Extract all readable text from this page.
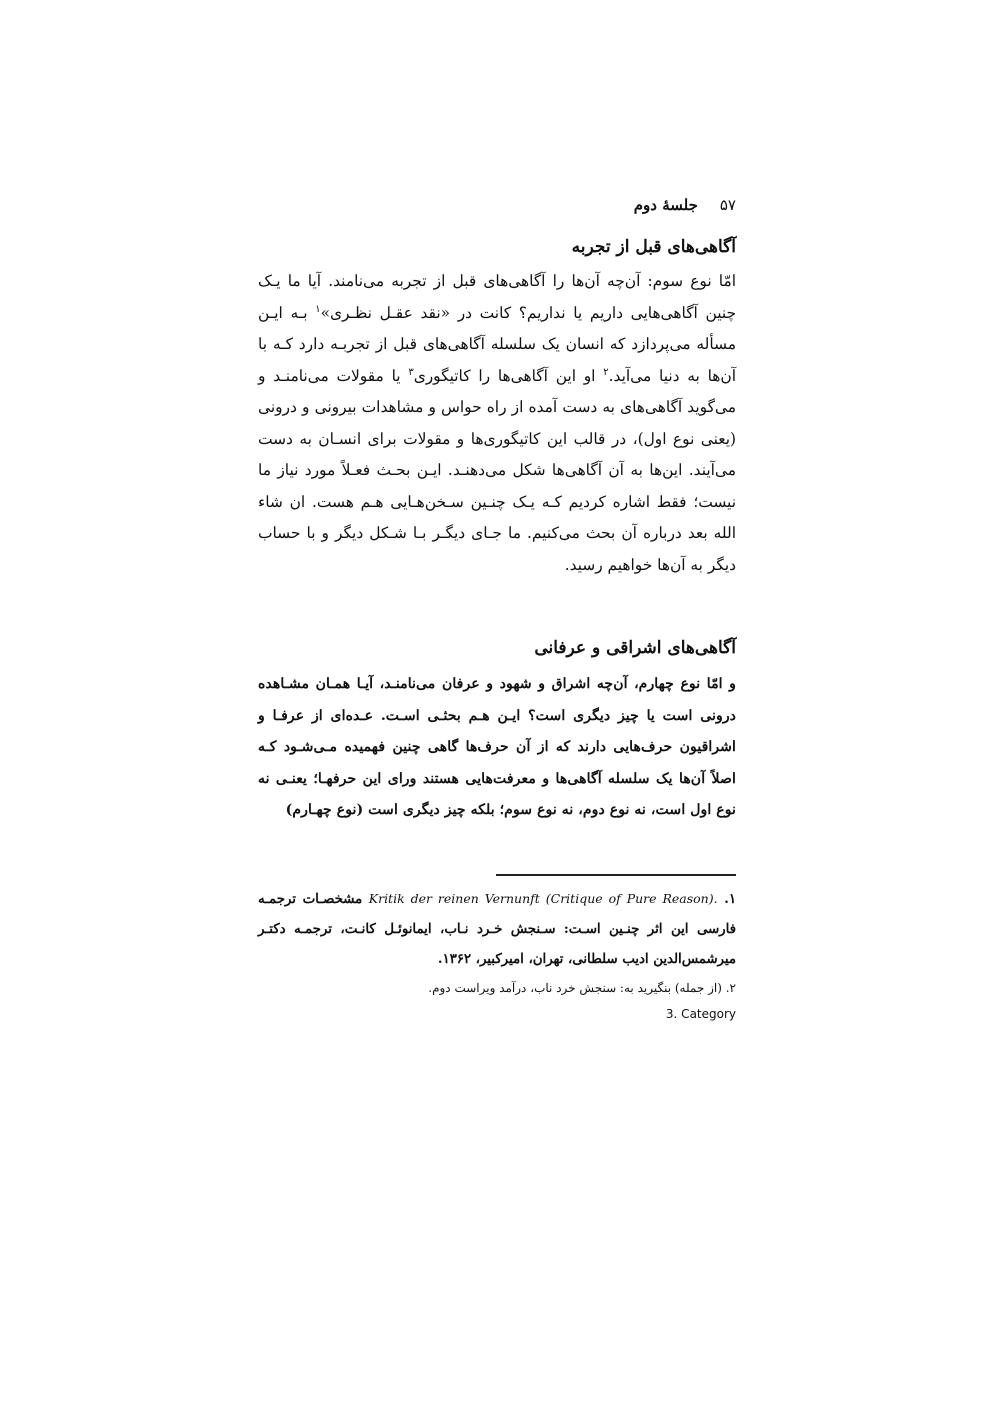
جلسهٔ دوم ۵۷
آگاهی‌های قبل از تجربه

امّا نوع سوم: آن‌چه آن‌ها را آگاهی‌های قبل از تجربه می‌نامند. آیا ما یـک چنین آگاهی‌هایی داریم یا نداریم؟ کانت در «نقد عقـل نظـری»$^۱$ بـه ایـن مسأله می‌پردازد که انسان یک سلسله آگاهی‌های قبل از تجربـه دارد کـه با آن‌ها به دنیا می‌آید.$^۲$ او این آگاهی‌ها را کاتیگوری$^۳$ یا مقولات می‌نامنـد و می‌گوید آگاهی‌های به دست آمده از راه حواس و مشاهدات بیرونی و درونی (یعنی نوع اول)، در قالب این کاتیگوری‌ها و مقولات برای انسـان به دست می‌آیند. این‌ها به آن آگاهی‌ها شکل می‌دهنـد. ایـن بحـث فعـلاً مورد نیاز ما نیست؛ فقط اشاره کردیم کـه یـک چنـین سـخن‌هـایی هـم هست. ان شاء الله بعد درباره آن بحث می‌کنیم. ما جـای دیگـر بـا شـکل دیگر و با حساب دیگر به آن‌ها خواهیم رسید.

آگاهی‌های اشراقی و عرفانی

و امّا نوع چهارم، آن‌چه اشراق و شهود و عرفان می‌نامنـد، آیـا همـان مشـاهده درونی است یا چیز دیگری است؟ ایـن هـم بحثـی اسـت. عـده‌ای از عرفـا و اشراقیون حرف‌هایی دارند که از آن حرف‌ها گاهی چنین فهمیده مـی‌شـود کـه اصلاً آن‌ها یک سلسله آگاهی‌ها و معرفت‌هایی هستند ورای این حرفهـا؛ یعنـی نه نوع اول است، نه نوع دوم، نه نوع سوم؛ بلکه چیز دیگری است (نوع چهـارم)

۱. Kritik der reinen Vernunft (Critique of Pure Reason). مشخصـات ترجمـه فارسی این اثر چنـین اسـت: سـنجش خـرد نـاب، ایمانوئـل کانـت، ترجمـه دکتـر میرشمس‌الدین ادیب سلطانی، تهران، امیرکبیر، ۱۳۶۲.

۲. (از جمله) بنگیرید به: سنجش خرد ناب، درآمد ویراست دوم.

3. Category
